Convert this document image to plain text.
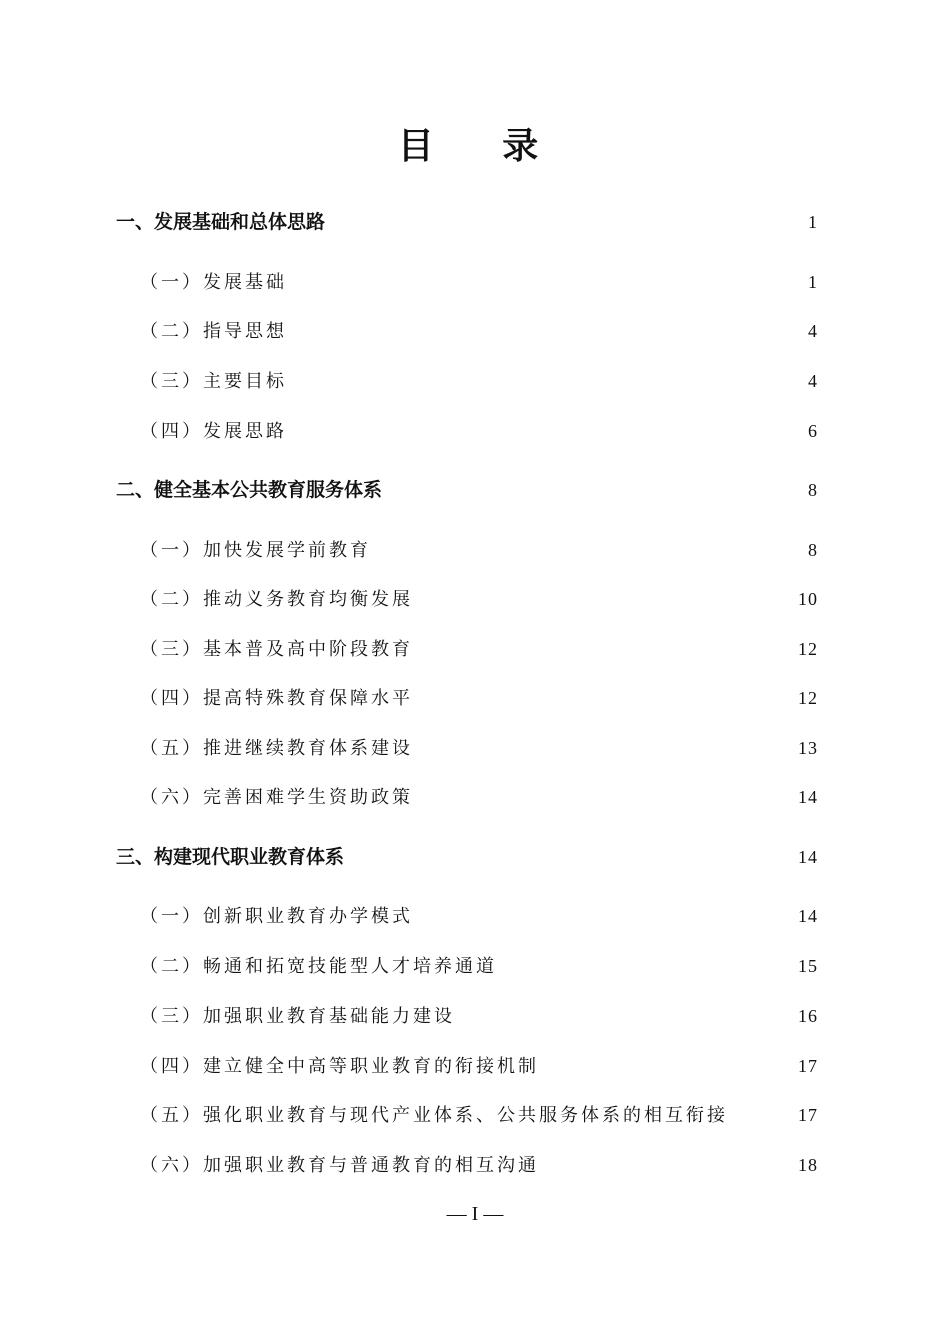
目 录
一、发展基础和总体思路	1
（一）发展基础	1
（二）指导思想	4
（三）主要目标	4
（四）发展思路	6
二、健全基本公共教育服务体系	8
（一）加快发展学前教育	8
（二）推动义务教育均衡发展	10
（三）基本普及高中阶段教育	12
（四）提高特殊教育保障水平	12
（五）推进继续教育体系建设	13
（六）完善困难学生资助政策	14
三、构建现代职业教育体系	14
（一）创新职业教育办学模式	14
（二）畅通和拓宽技能型人才培养通道	15
（三）加强职业教育基础能力建设	16
（四）建立健全中高等职业教育的衔接机制	17
（五）强化职业教育与现代产业体系、公共服务体系的相互衔接	17
（六）加强职业教育与普通教育的相互沟通	18
— I —
